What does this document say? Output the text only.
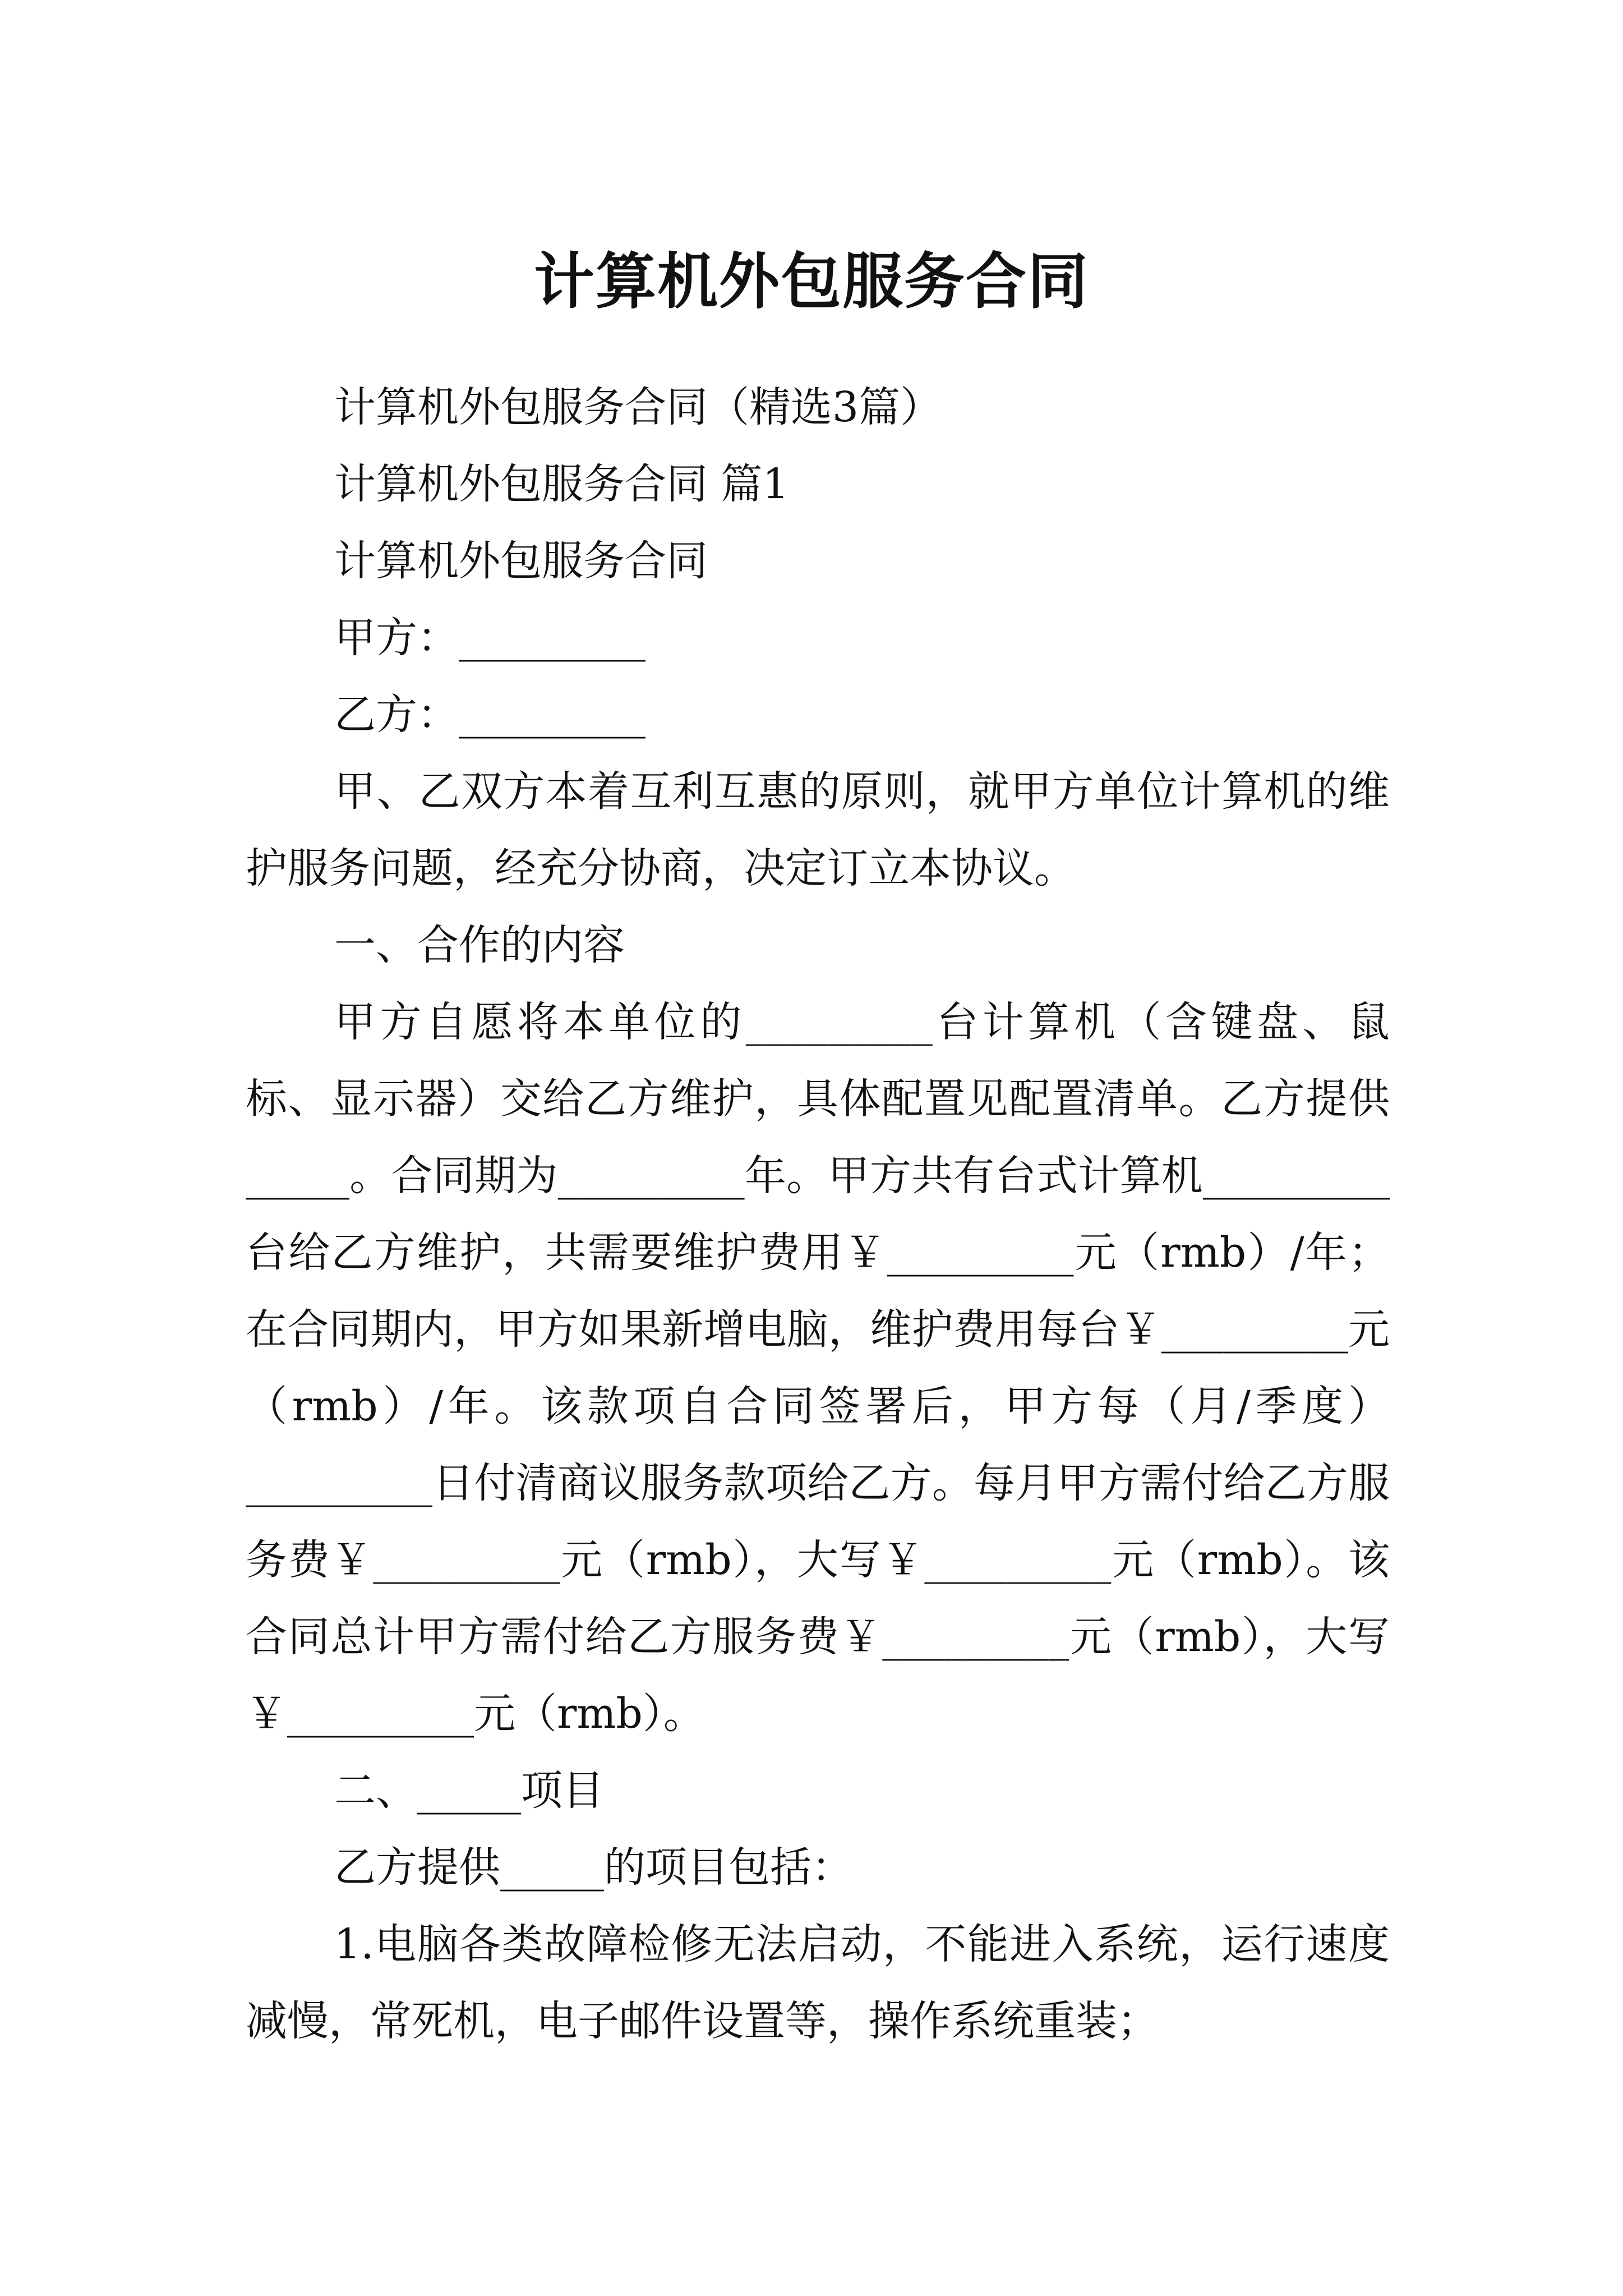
计算机外包服务合同

计算机外包服务合同（精选3篇）

计算机外包服务合同 篇1

计算机外包服务合同

甲方：_________

乙方：_________

甲、乙双方本着互利互惠的原则，就甲方单位计算机的维护服务问题，经充分协商，决定订立本协议。

一、合作的内容

甲方自愿将本单位的_________台计算机（含键盘、鼠标、显示器）交给乙方维护，具体配置见配置清单。乙方提供_____。合同期为_________年。甲方共有台式计算机_________台给乙方维护，共需要维护费用￥_________元（rmb）/年；在合同期内，甲方如果新增电脑，维护费用每台￥_________元（rmb）/年。该款项自合同签署后，甲方每（月/季度）_________日付清商议服务款项给乙方。每月甲方需付给乙方服务费￥_________元（rmb），大写￥_________元（rmb）。该合同总计甲方需付给乙方服务费￥_________元（rmb），大写￥_________元（rmb）。

二、_____项目

乙方提供_____的项目包括：

1.电脑各类故障检修无法启动，不能进入系统，运行速度减慢，常死机，电子邮件设置等，操作系统重装；
